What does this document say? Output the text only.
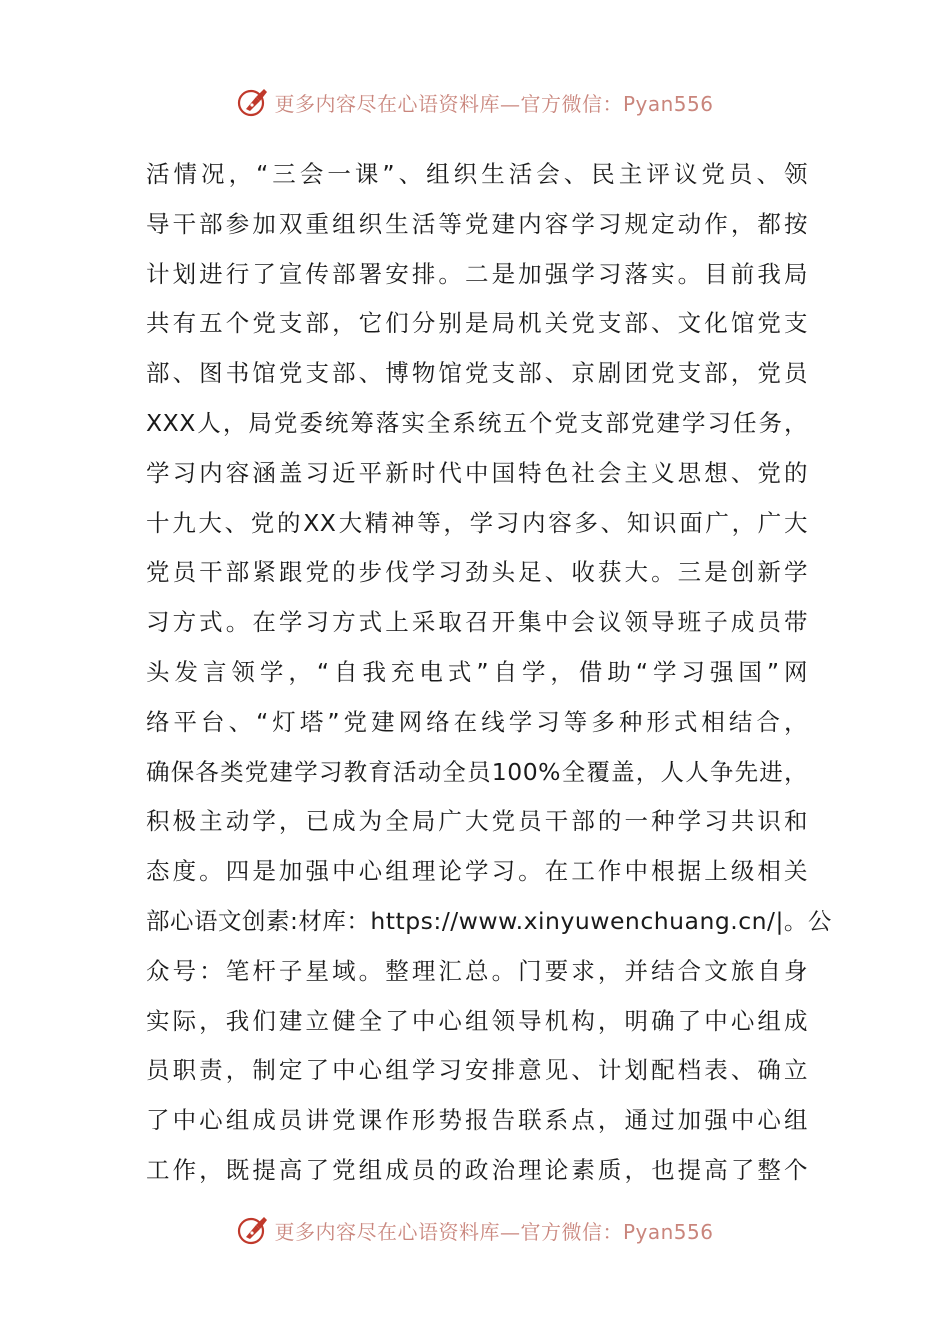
更多内容尽在心语资料库—官方微信：Pyan556
活情况，“三会一课”、组织生活会、民主评议党员、领
导干部参加双重组织生活等党建内容学习规定动作，都按
计划进行了宣传部署安排。二是加强学习落实。目前我局
共有五个党支部，它们分别是局机关党支部、文化馆党支
部、图书馆党支部、博物馆党支部、京剧团党支部，党员
XXX人，局党委统筹落实全系统五个党支部党建学习任务，
学习内容涵盖习近平新时代中国特色社会主义思想、党的
十九大、党的XX大精神等，学习内容多、知识面广，广大
党员干部紧跟党的步伐学习劲头足、收获大。三是创新学
习方式。在学习方式上采取召开集中会议领导班子成员带
头发言领学，“自我充电式”自学，借助“学习强国”网
络平台、“灯塔”党建网络在线学习等多种形式相结合，
确保各类党建学习教育活动全员100%全覆盖，人人争先进，
积极主动学，已成为全局广大党员干部的一种学习共识和
态度。四是加强中心组理论学习。在工作中根据上级相关
部心语文创素:材库：https://www.xinyuwenchuang.cn/|。公
众号：笔杆子星域。整理汇总。门要求，并结合文旅自身
实际，我们建立健全了中心组领导机构，明确了中心组成
员职责，制定了中心组学习安排意见、计划配档表、确立
了中心组成员讲党课作形势报告联系点，通过加强中心组
工作，既提高了党组成员的政治理论素质，也提高了整个
更多内容尽在心语资料库—官方微信：Pyan556
